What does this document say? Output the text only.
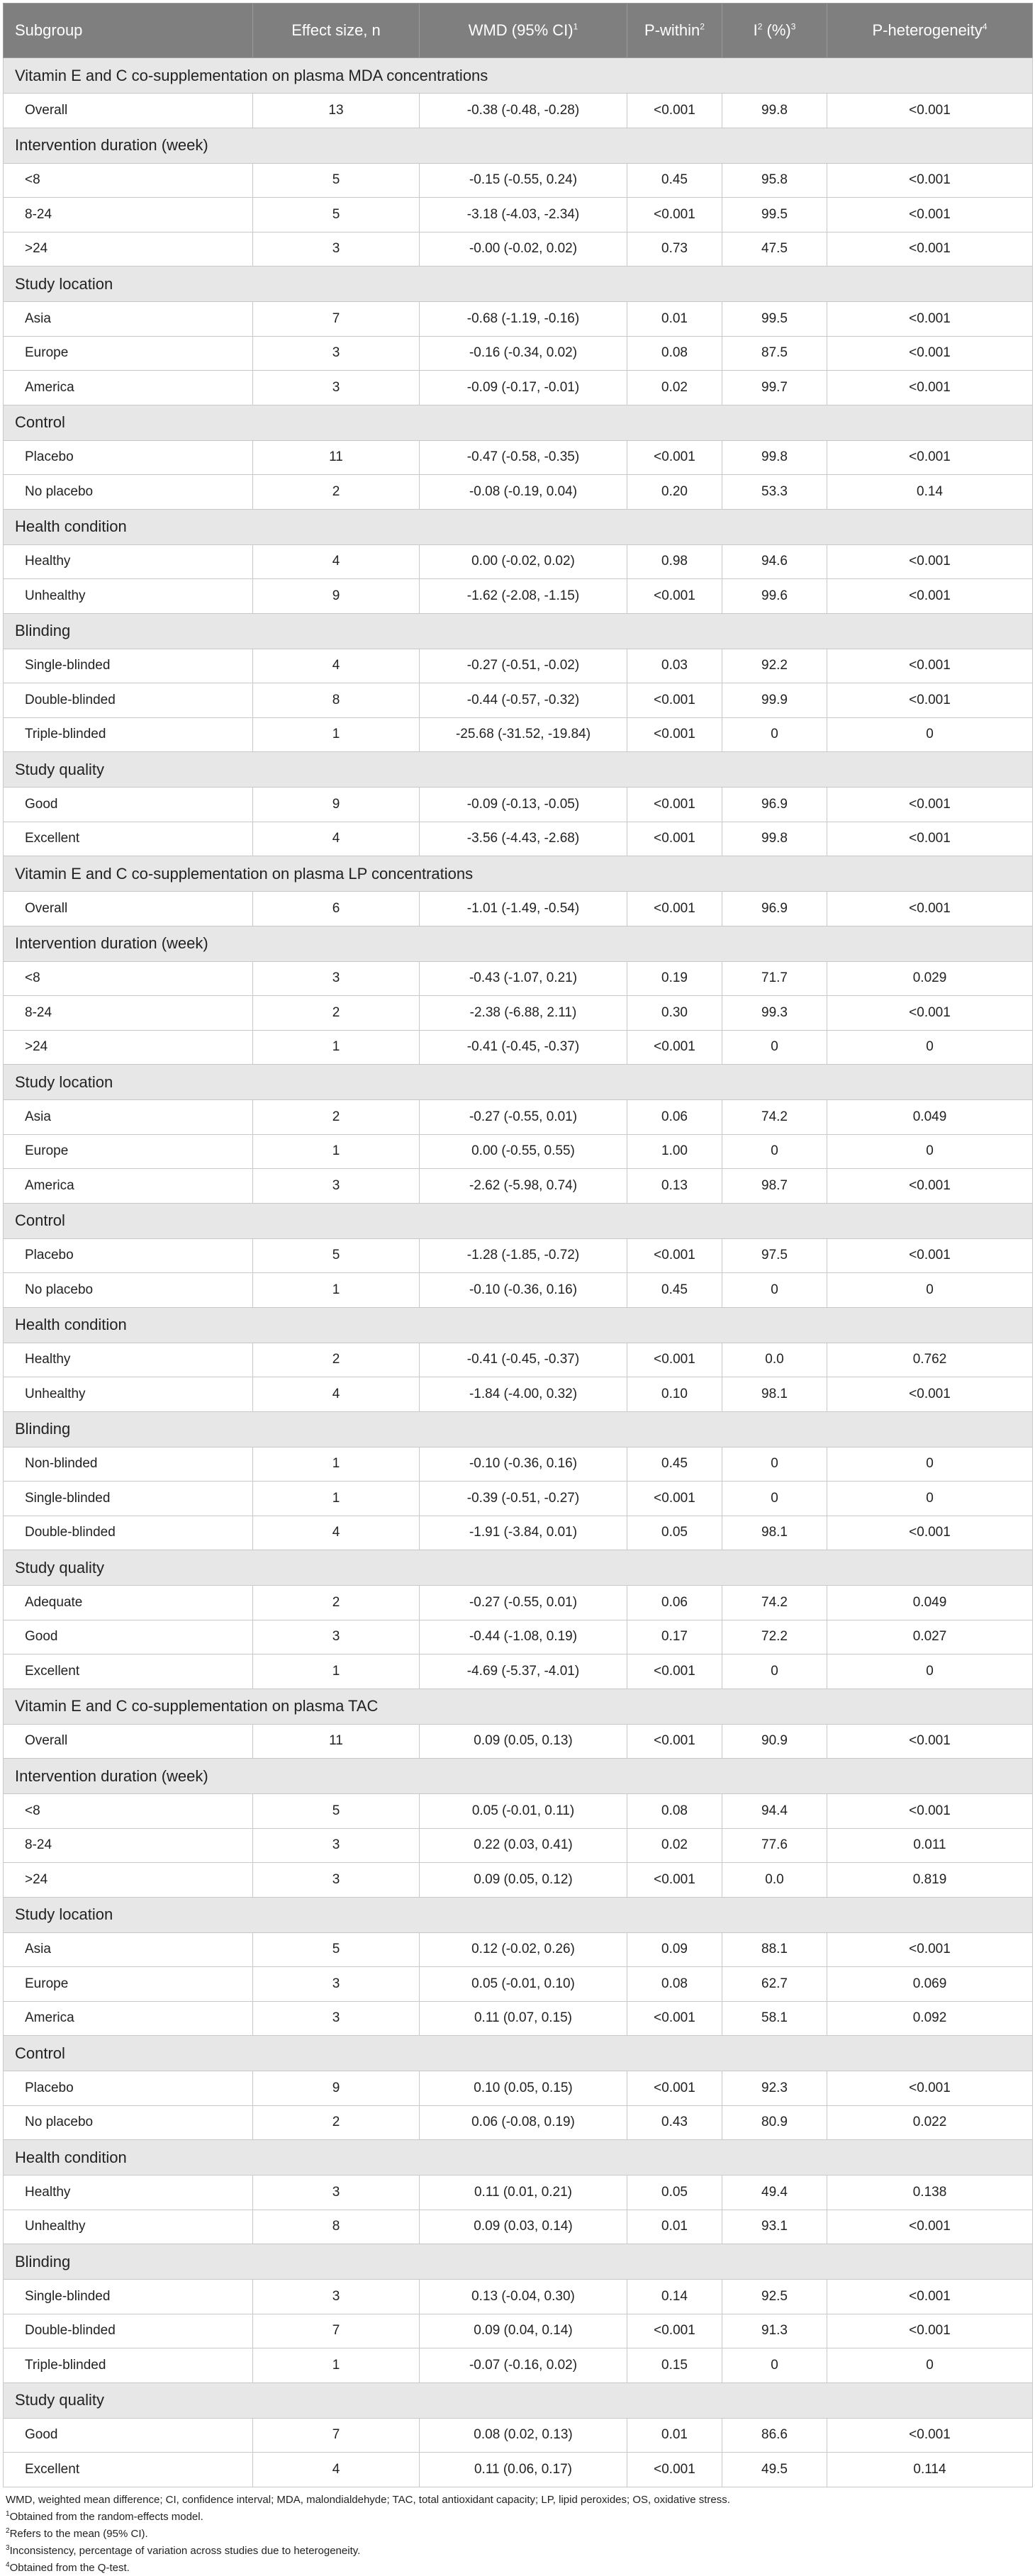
Subgroup	Effect size, n	WMD (95% CI)$^1$	P-within$^2$	$I^2$ (%)$^3$	P-heterogeneity$^4$
Vitamin E and C co-supplementation on plasma MDA concentrations					
Overall	13	-0.38 (-0.48, -0.28)	<0.001	99.8	<0.001
Intervention duration (week)					
<8	5	-0.15 (-0.55, 0.24)	0.45	95.8	<0.001
8-24	5	-3.18 (-4.03, -2.34)	<0.001	99.5	<0.001
>24	3	-0.00 (-0.02, 0.02)	0.73	47.5	<0.001
Study location					
Asia	7	-0.68 (-1.19, -0.16)	0.01	99.5	<0.001
Europe	3	-0.16 (-0.34, 0.02)	0.08	87.5	<0.001
America	3	-0.09 (-0.17, -0.01)	0.02	99.7	<0.001
Control					
Placebo	11	-0.47 (-0.58, -0.35)	<0.001	99.8	<0.001
No placebo	2	-0.08 (-0.19, 0.04)	0.20	53.3	0.14
Health condition					
Healthy	4	0.00 (-0.02, 0.02)	0.98	94.6	<0.001
Unhealthy	9	-1.62 (-2.08, -1.15)	<0.001	99.6	<0.001
Blinding					
Single-blinded	4	-0.27 (-0.51, -0.02)	0.03	92.2	<0.001
Double-blinded	8	-0.44 (-0.57, -0.32)	<0.001	99.9	<0.001
Triple-blinded	1	-25.68 (-31.52, -19.84)	<0.001	0	0
Study quality					
Good	9	-0.09 (-0.13, -0.05)	<0.001	96.9	<0.001
Excellent	4	-3.56 (-4.43, -2.68)	<0.001	99.8	<0.001
Vitamin E and C co-supplementation on plasma LP concentrations					
Overall	6	-1.01 (-1.49, -0.54)	<0.001	96.9	<0.001
Intervention duration (week)					
<8	3	-0.43 (-1.07, 0.21)	0.19	71.7	0.029
8-24	2	-2.38 (-6.88, 2.11)	0.30	99.3	<0.001
>24	1	-0.41 (-0.45, -0.37)	<0.001	0	0
Study location					
Asia	2	-0.27 (-0.55, 0.01)	0.06	74.2	0.049
Europe	1	0.00 (-0.55, 0.55)	1.00	0	0
America	3	-2.62 (-5.98, 0.74)	0.13	98.7	<0.001
Control					
Placebo	5	-1.28 (-1.85, -0.72)	<0.001	97.5	<0.001
No placebo	1	-0.10 (-0.36, 0.16)	0.45	0	0
Health condition					
Healthy	2	-0.41 (-0.45, -0.37)	<0.001	0.0	0.762
Unhealthy	4	-1.84 (-4.00, 0.32)	0.10	98.1	<0.001
Blinding					
Non-blinded	1	-0.10 (-0.36, 0.16)	0.45	0	0
Single-blinded	1	-0.39 (-0.51, -0.27)	<0.001	0	0
Double-blinded	4	-1.91 (-3.84, 0.01)	0.05	98.1	<0.001
Study quality					
Adequate	2	-0.27 (-0.55, 0.01)	0.06	74.2	0.049
Good	3	-0.44 (-1.08, 0.19)	0.17	72.2	0.027
Excellent	1	-4.69 (-5.37, -4.01)	<0.001	0	0
Vitamin E and C co-supplementation on plasma TAC					
Overall	11	0.09 (0.05, 0.13)	<0.001	90.9	<0.001
Intervention duration (week)					
<8	5	0.05 (-0.01, 0.11)	0.08	94.4	<0.001
8-24	3	0.22 (0.03, 0.41)	0.02	77.6	0.011
>24	3	0.09 (0.05, 0.12)	<0.001	0.0	0.819
Study location					
Asia	5	0.12 (-0.02, 0.26)	0.09	88.1	<0.001
Europe	3	0.05 (-0.01, 0.10)	0.08	62.7	0.069
America	3	0.11 (0.07, 0.15)	<0.001	58.1	0.092
Control					
Placebo	9	0.10 (0.05, 0.15)	<0.001	92.3	<0.001
No placebo	2	0.06 (-0.08, 0.19)	0.43	80.9	0.022
Health condition					
Healthy	3	0.11 (0.01, 0.21)	0.05	49.4	0.138
Unhealthy	8	0.09 (0.03, 0.14)	0.01	93.1	<0.001
Blinding					
Single-blinded	3	0.13 (-0.04, 0.30)	0.14	92.5	<0.001
Double-blinded	7	0.09 (0.04, 0.14)	<0.001	91.3	<0.001
Triple-blinded	1	-0.07 (-0.16, 0.02)	0.15	0	0
Study quality					
Good	7	0.08 (0.02, 0.13)	0.01	86.6	<0.001
Excellent	4	0.11 (0.06, 0.17)	<0.001	49.5	0.114
WMD, weighted mean difference; CI, confidence interval; MDA, malondialdehyde; TAC, total antioxidant capacity; LP, lipid peroxides; OS, oxidative stress.
$^1$Obtained from the random-effects model.
$^2$Refers to the mean (95% CI).
$^3$Inconsistency, percentage of variation across studies due to heterogeneity.
$^4$Obtained from the Q-test.
